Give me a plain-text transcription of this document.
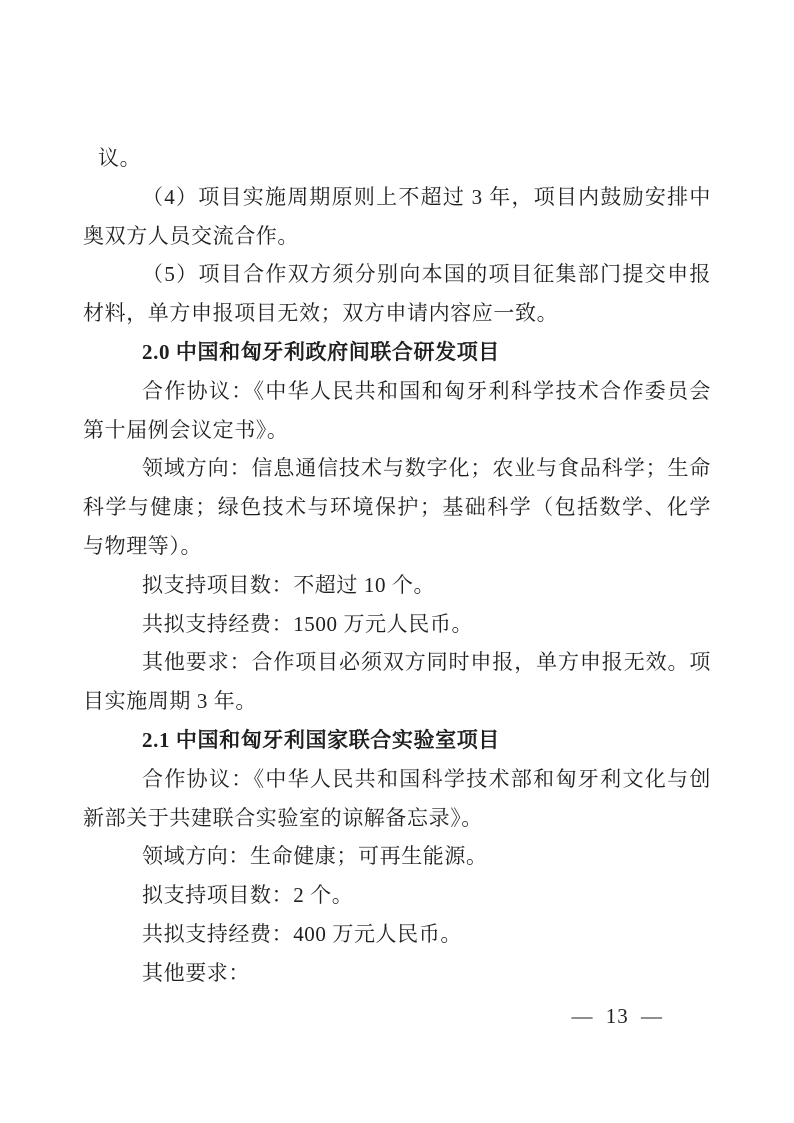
议。
（4）项目实施周期原则上不超过 3 年，项目内鼓励安排中
奥双方人员交流合作。
（5）项目合作双方须分别向本国的项目征集部门提交申报
材料，单方申报项目无效；双方申请内容应一致。
2.0 中国和匈牙利政府间联合研发项目
合作协议：《中华人民共和国和匈牙利科学技术合作委员会
第十届例会议定书》。
领域方向：信息通信技术与数字化；农业与食品科学；生命
科学与健康；绿色技术与环境保护；基础科学（包括数学、化学
与物理等）。
拟支持项目数：不超过 10 个。
共拟支持经费：1500 万元人民币。
其他要求：合作项目必须双方同时申报，单方申报无效。项
目实施周期 3 年。
2.1 中国和匈牙利国家联合实验室项目
合作协议：《中华人民共和国科学技术部和匈牙利文化与创
新部关于共建联合实验室的谅解备忘录》。
领域方向：生命健康；可再生能源。
拟支持项目数：2 个。
共拟支持经费：400 万元人民币。
其他要求：
— 13 —
